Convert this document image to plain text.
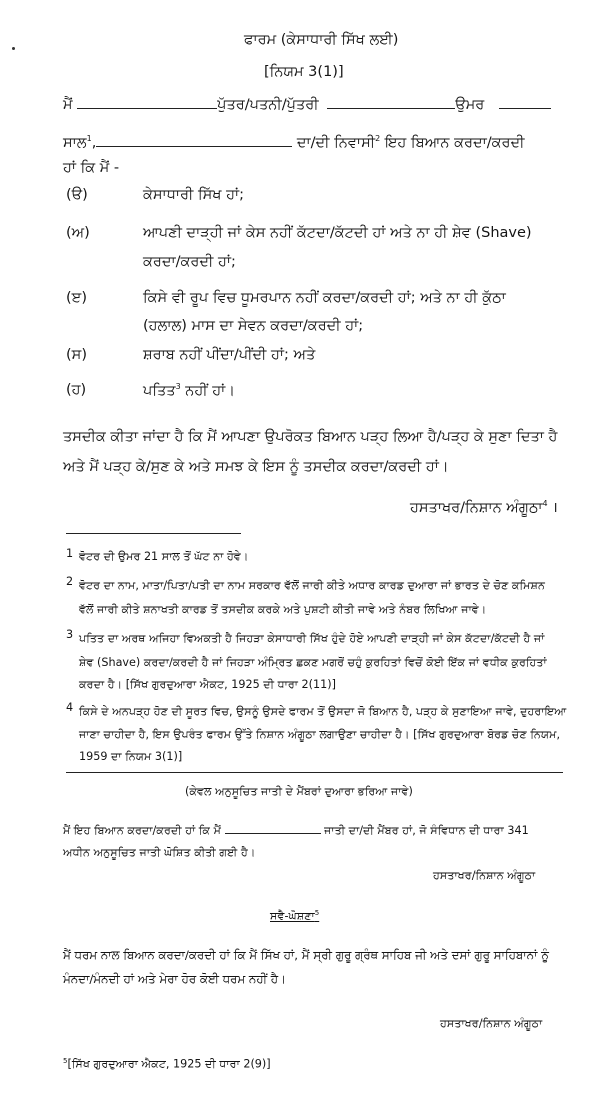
ਫਾਰਮ (ਕੇਸਾਧਾਰੀ ਸਿੱਖ ਲਈ)
[ਨਿਯਮ 3(1)]
ਮੈਂ	ਪੁੱਤਰ/ਪਤਨੀ/ਪੁੱਤਰੀ	ਉਮਰ
ਸਾਲ$^1$,	ਦਾ/ਦੀ ਨਿਵਾਸੀ$^2$ ਇਹ ਬਿਆਨ ਕਰਦਾ/ਕਰਦੀ
ਹਾਂ ਕਿ ਮੈਂ -
(ੳ)	ਕੇਸਾਧਾਰੀ ਸਿੱਖ ਹਾਂ;
(ਅ)	ਆਪਣੀ ਦਾੜ੍ਹੀ ਜਾਂ ਕੇਸ ਨਹੀਂ ਕੱਟਦਾ/ਕੱਟਦੀ ਹਾਂ ਅਤੇ ਨਾ ਹੀ ਸ਼ੇਵ (Shave)
ਕਰਦਾ/ਕਰਦੀ ਹਾਂ;
(ੲ)	ਕਿਸੇ ਵੀ ਰੂਪ ਵਿਚ ਧੂਮਰਪਾਨ ਨਹੀਂ ਕਰਦਾ/ਕਰਦੀ ਹਾਂ; ਅਤੇ ਨਾ ਹੀ ਕੁੱਠਾ
(ਹਲਾਲ) ਮਾਸ ਦਾ ਸੇਵਨ ਕਰਦਾ/ਕਰਦੀ ਹਾਂ;
(ਸ)	ਸ਼ਰਾਬ ਨਹੀਂ ਪੀਂਦਾ/ਪੀਂਦੀ ਹਾਂ; ਅਤੇ
(ਹ)	ਪਤਿਤ$^3$ ਨਹੀਂ ਹਾਂ।
ਤਸਦੀਕ ਕੀਤਾ ਜਾਂਦਾ ਹੈ ਕਿ ਮੈਂ ਆਪਣਾ ਉਪਰੋਕਤ ਬਿਆਨ ਪੜ੍ਹ ਲਿਆ ਹੈ/ਪੜ੍ਹ ਕੇ ਸੁਣਾ ਦਿਤਾ ਹੈ
ਅਤੇ ਮੈਂ ਪੜ੍ਹ ਕੇ/ਸੁਣ ਕੇ ਅਤੇ ਸਮਝ ਕੇ ਇਸ ਨੂੰ ਤਸਦੀਕ ਕਰਦਾ/ਕਰਦੀ ਹਾਂ।
ਹਸਤਾਖਰ/ਨਿਸ਼ਾਨ ਅੰਗੂਠਾ$^4$ ।
1 ਵੋਟਰ ਦੀ ਉਮਰ 21 ਸਾਲ ਤੋਂ ਘੱਟ ਨਾ ਹੋਵੇ।
2 ਵੋਟਰ ਦਾ ਨਾਮ, ਮਾਤਾ/ਪਿਤਾ/ਪਤੀ ਦਾ ਨਾਮ ਸਰਕਾਰ ਵੱਲੋਂ ਜਾਰੀ ਕੀਤੇ ਅਧਾਰ ਕਾਰਡ ਦੁਆਰਾ ਜਾਂ ਭਾਰਤ ਦੇ ਚੋਣ ਕਮਿਸ਼ਨ
ਵੱਲੋਂ ਜਾਰੀ ਕੀਤੇ ਸ਼ਨਾਖਤੀ ਕਾਰਡ ਤੋਂ ਤਸਦੀਕ ਕਰਕੇ ਅਤੇ ਪੁਸ਼ਟੀ ਕੀਤੀ ਜਾਵੇ ਅਤੇ ਨੰਬਰ ਲਿਖਿਆ ਜਾਵੇ।
3 ਪਤਿਤ ਦਾ ਅਰਥ ਅਜਿਹਾ ਵਿਅਕਤੀ ਹੈ ਜਿਹੜਾ ਕੇਸਾਧਾਰੀ ਸਿੱਖ ਹੁੰਦੇ ਹੋਏ ਆਪਣੀ ਦਾੜ੍ਹੀ ਜਾਂ ਕੇਸ ਕੱਟਦਾ/ਕੱਟਦੀ ਹੈ ਜਾਂ
ਸ਼ੇਵ (Shave) ਕਰਦਾ/ਕਰਦੀ ਹੈ ਜਾਂ ਜਿਹੜਾ ਅੰਮ੍ਰਿਤ ਛਕਣ ਮਗਰੋਂ ਚਹੁੰ ਕੁਰਹਿਤਾਂ ਵਿਚੋਂ ਕੋਈ ਇੱਕ ਜਾਂ ਵਧੀਕ ਕੁਰਹਿਤਾਂ
ਕਰਦਾ ਹੈ। [ਸਿੱਖ ਗੁਰਦੁਆਰਾ ਐਕਟ, 1925 ਦੀ ਧਾਰਾ 2(11)]
4 ਕਿਸੇ ਦੇ ਅਨਪੜ੍ਹ ਹੋਣ ਦੀ ਸੂਰਤ ਵਿਚ, ਉਸਨੂੰ ਉਸਦੇ ਫਾਰਮ ਤੋਂ ਉਸਦਾ ਜੋ ਬਿਆਨ ਹੈ, ਪੜ੍ਹ ਕੇ ਸੁਣਾਇਆ ਜਾਵੇ, ਦੁਹਰਾਇਆ
ਜਾਣਾ ਚਾਹੀਦਾ ਹੈ, ਇਸ ਉਪਰੰਤ ਫਾਰਮ ਉੱਤੇ ਨਿਸ਼ਾਨ ਅੰਗੂਠਾ ਲਗਾਉਣਾ ਚਾਹੀਦਾ ਹੈ। [ਸਿੱਖ ਗੁਰਦੁਆਰਾ ਬੋਰਡ ਚੋਣ ਨਿਯਮ,
1959 ਦਾ ਨਿਯਮ 3(1)]
(ਕੇਵਲ ਅਨੁਸੂਚਿਤ ਜਾਤੀ ਦੇ ਮੈਂਬਰਾਂ ਦੁਆਰਾ ਭਰਿਆ ਜਾਵੇ)
ਮੈਂ ਇਹ ਬਿਆਨ ਕਰਦਾ/ਕਰਦੀ ਹਾਂ ਕਿ ਮੈਂ	ਜਾਤੀ ਦਾ/ਦੀ ਮੈਂਬਰ ਹਾਂ, ਜੋ ਸੰਵਿਧਾਨ ਦੀ ਧਾਰਾ 341
ਅਧੀਨ ਅਨੁਸੂਚਿਤ ਜਾਤੀ ਘੋਸ਼ਿਤ ਕੀਤੀ ਗਈ ਹੈ।
ਹਸਤਾਖਰ/ਨਿਸ਼ਾਨ ਅੰਗੂਠਾ
ਸਵੈ-ਘੋਸ਼ਣਾ$^5$
ਮੈਂ ਧਰਮ ਨਾਲ ਬਿਆਨ ਕਰਦਾ/ਕਰਦੀ ਹਾਂ ਕਿ ਮੈਂ ਸਿੱਖ ਹਾਂ, ਮੈਂ ਸ੍ਰੀ ਗੁਰੂ ਗ੍ਰੰਥ ਸਾਹਿਬ ਜੀ ਅਤੇ ਦਸਾਂ ਗੁਰੂ ਸਾਹਿਬਾਨਾਂ ਨੂੰ
ਮੰਨਦਾ/ਮੰਨਦੀ ਹਾਂ ਅਤੇ ਮੇਰਾ ਹੋਰ ਕੋਈ ਧਰਮ ਨਹੀਂ ਹੈ।
ਹਸਤਾਖਰ/ਨਿਸ਼ਾਨ ਅੰਗੂਠਾ
$^5$[ਸਿੱਖ ਗੁਰਦੁਆਰਾ ਐਕਟ, 1925 ਦੀ ਧਾਰਾ 2(9)]
